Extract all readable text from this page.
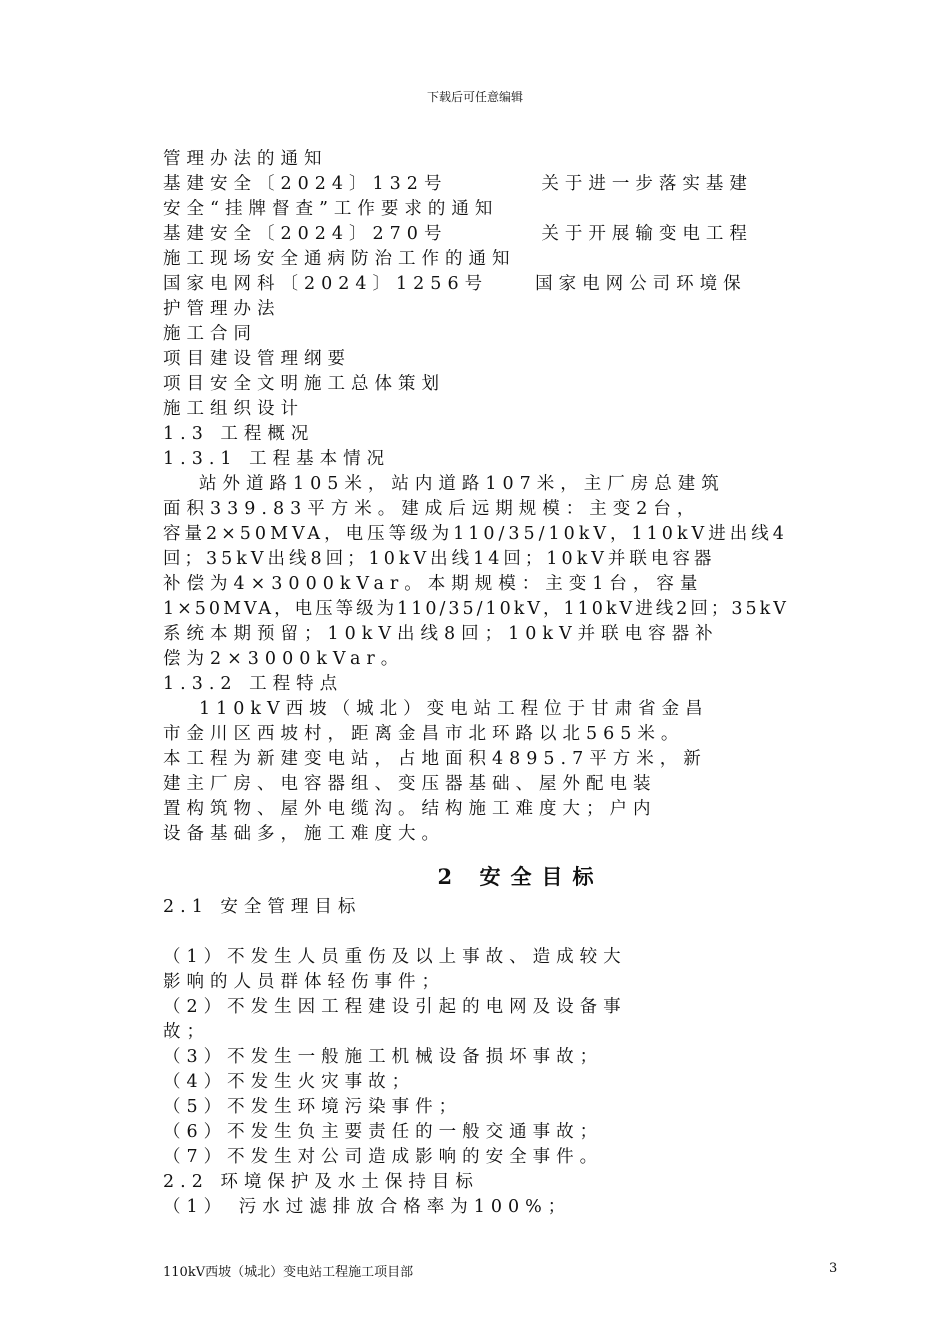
下载后可任意编辑
管理办法的通知
基建安全〔2024〕132号　　　　关于进一步落实基建
安全“挂牌督查”工作要求的通知
基建安全〔2024〕270号　　　　关于开展输变电工程
施工现场安全通病防治工作的通知
国家电网科〔2024〕1256号　　国家电网公司环境保
护管理办法
施工合同
项目建设管理纲要
项目安全文明施工总体策划
施工组织设计
1.3 工程概况
1.3.1 工程基本情况
站外道路105米，站内道路107米，主厂房总建筑
面积339.83平方米。建成后远期规模：主变2台，
容量2×50MVA，电压等级为110/35/10kV，110kV进出线4
回；35kV出线8回；10kV出线14回；10kV并联电容器
补偿为4×3000kVar。本期规模：主变1台，容量
1×50MVA，电压等级为110/35/10kV，110kV进线2回；35kV
系统本期预留；10kV出线8回；10kV并联电容器补
偿为2×3000kVar。
1.3.2 工程特点
110kV西坡（城北）变电站工程位于甘肃省金昌
市金川区西坡村，距离金昌市北环路以北565米。
本工程为新建变电站，占地面积4895.7平方米，新
建主厂房、电容器组、变压器基础、屋外配电装
置构筑物、屋外电缆沟。结构施工难度大；户内
设备基础多，施工难度大。
2 安全目标
2.1 安全管理目标
（1）不发生人员重伤及以上事故、造成较大
影响的人员群体轻伤事件；
（2）不发生因工程建设引起的电网及设备事
故；
（3）不发生一般施工机械设备损坏事故；
（4）不发生火灾事故；
（5）不发生环境污染事件；
（6）不发生负主要责任的一般交通事故；
（7）不发生对公司造成影响的安全事件。
2.2 环境保护及水土保持目标
（1） 污水过滤排放合格率为100%；
110kV西坡（城北）变电站工程施工项目部	3
